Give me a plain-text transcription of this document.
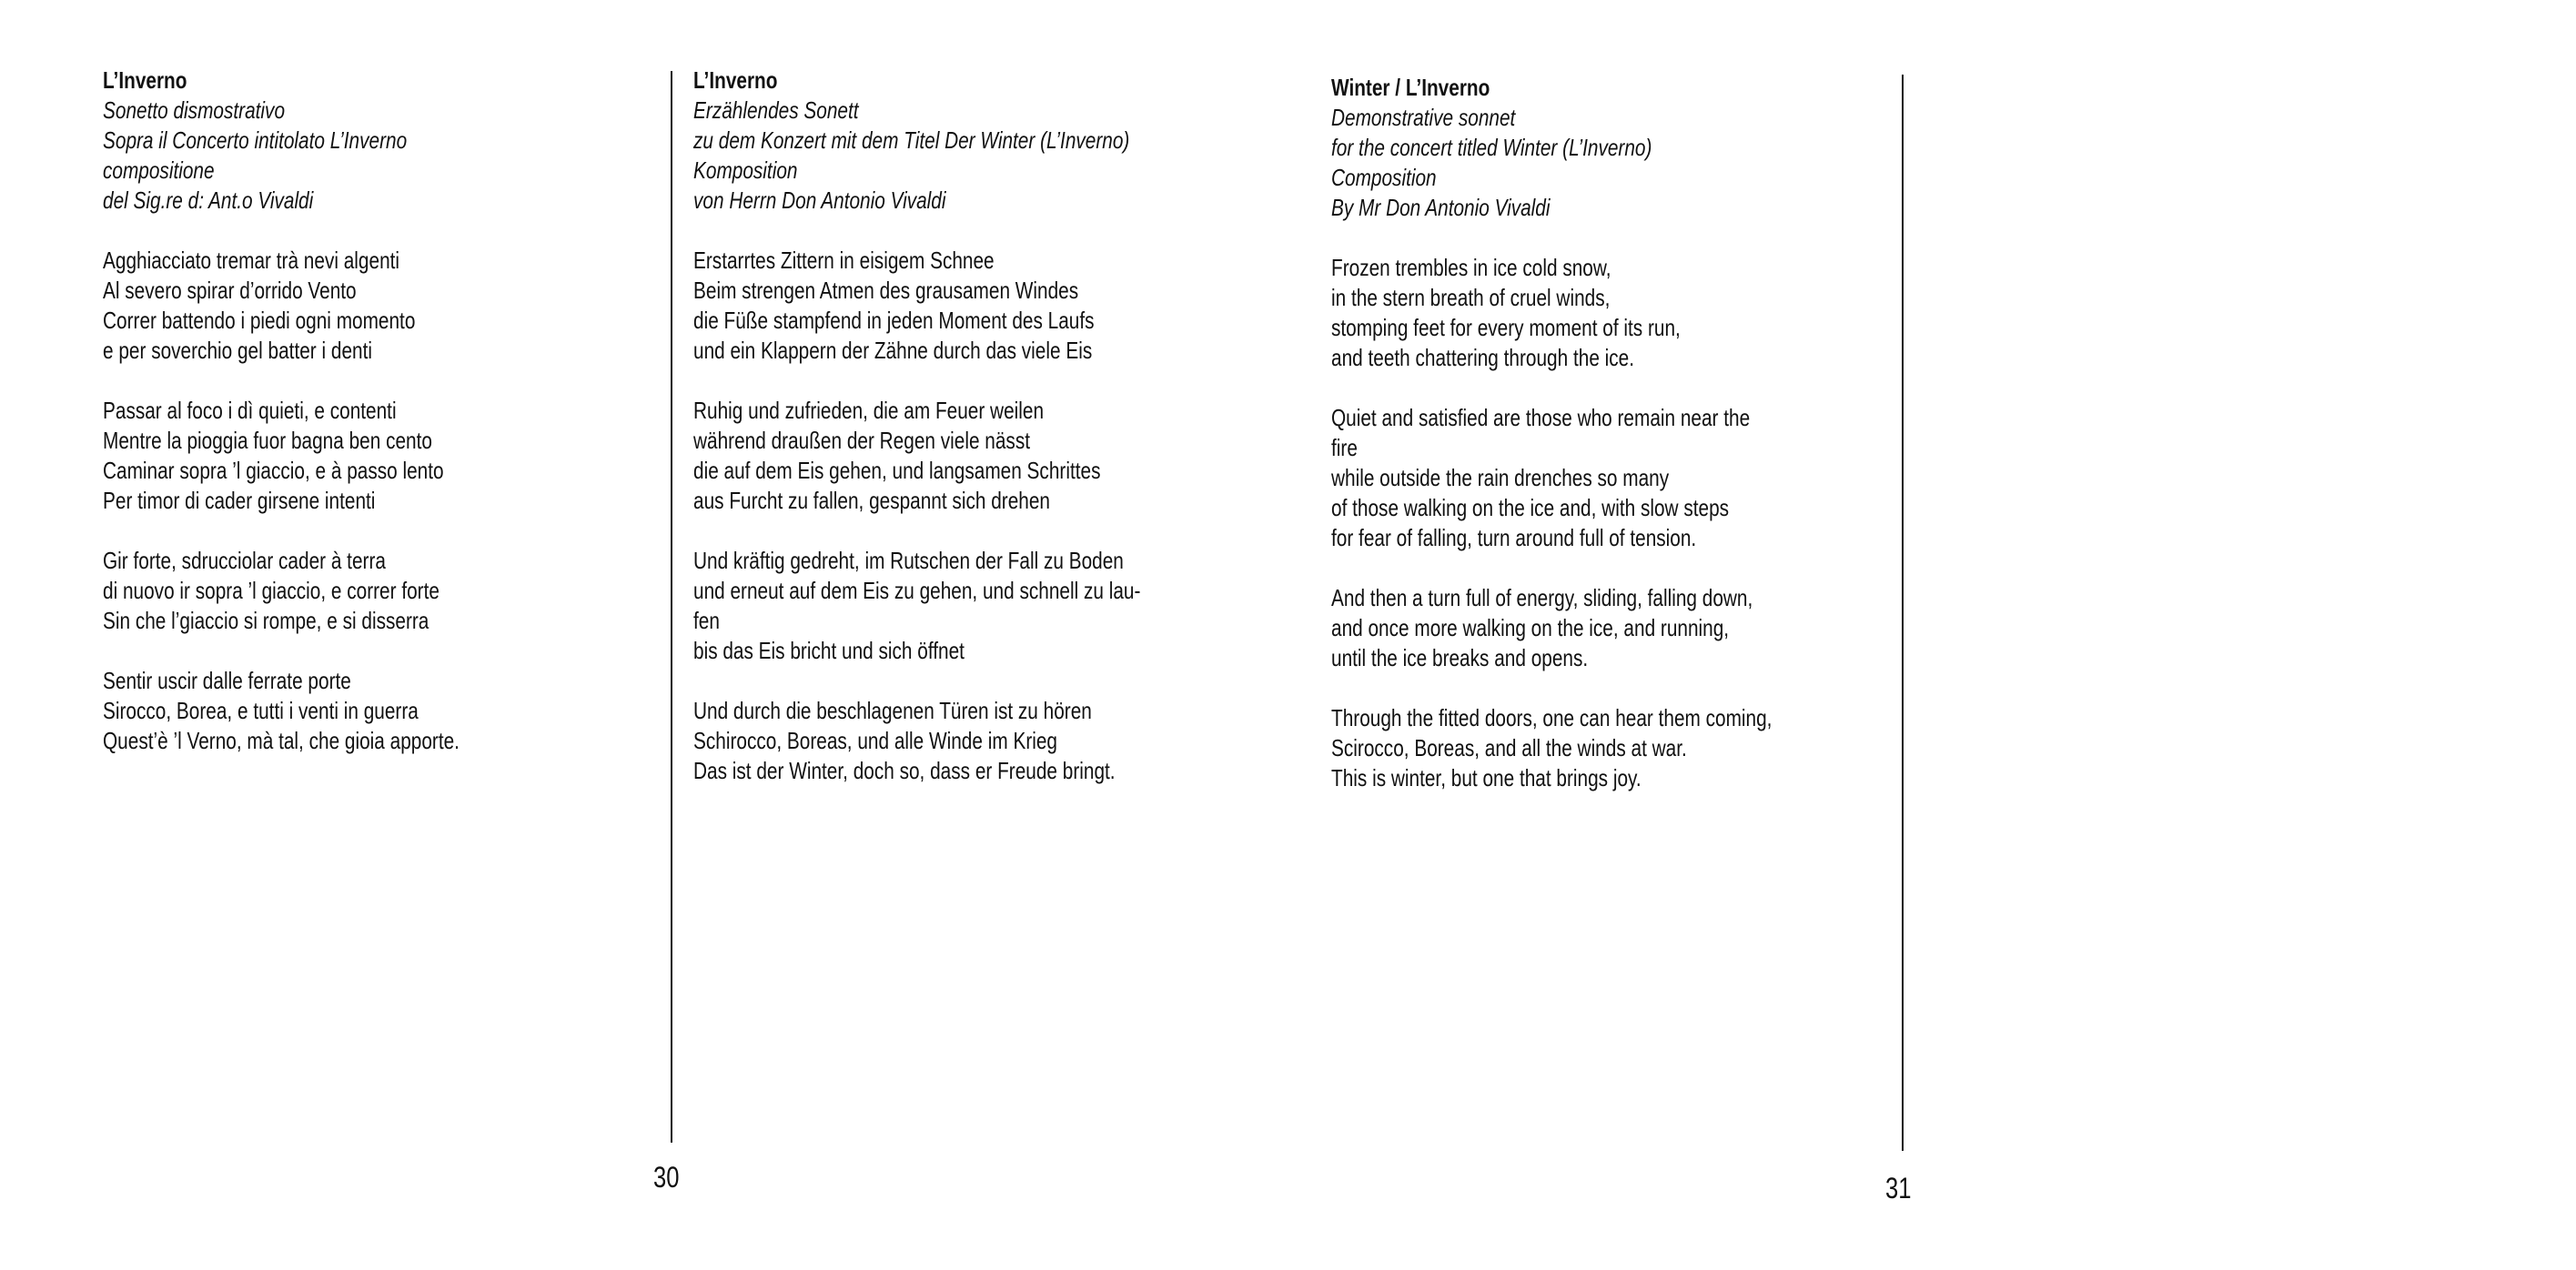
L’Inverno
Sonetto dismostrativo
Sopra il Concerto intitolato L’Inverno
compositione
del Sig.re d: Ant.o Vivaldi
Agghiacciato tremar trà nevi algenti
Al severo spirar d’orrido Vento
Correr battendo i piedi ogni momento
e per soverchio gel batter i denti
Passar al foco i dì quieti, e contenti
Mentre la pioggia fuor bagna ben cento
Caminar sopra ’l giaccio, e à passo lento
Per timor di cader girsene intenti
Gir forte, sdrucciolar cader à terra
di nuovo ir sopra ’l giaccio, e correr forte
Sin che l’giaccio si rompe, e si disserra
Sentir uscir dalle ferrate porte
Sirocco, Borea, e tutti i venti in guerra
Quest’è ’l Verno, mà tal, che gioia apporte.
L’Inverno
Erzählendes Sonett
zu dem Konzert mit dem Titel Der Winter (L’Inverno)
Komposition
von Herrn Don Antonio Vivaldi
Erstarrtes Zittern in eisigem Schnee
Beim strengen Atmen des grausamen Windes
die Füße stampfend in jeden Moment des Laufs
und ein Klappern der Zähne durch das viele Eis
Ruhig und zufrieden, die am Feuer weilen
während draußen der Regen viele nässt
die auf dem Eis gehen, und langsamen Schrittes
aus Furcht zu fallen, gespannt sich drehen
Und kräftig gedreht, im Rutschen der Fall zu Boden
und erneut auf dem Eis zu gehen, und schnell zu lau-
fen
bis das Eis bricht und sich öffnet
Und durch die beschlagenen Türen ist zu hören
Schirocco, Boreas, und alle Winde im Krieg
Das ist der Winter, doch so, dass er Freude bringt.
Winter / L’Inverno
Demonstrative sonnet
for the concert titled Winter (L’Inverno)
Composition
By Mr Don Antonio Vivaldi
Frozen trembles in ice cold snow,
in the stern breath of cruel winds,
stomping feet for every moment of its run,
and teeth chattering through the ice.
Quiet and satisfied are those who remain near the
fire
while outside the rain drenches so many
of those walking on the ice and, with slow steps
for fear of falling, turn around full of tension.
And then a turn full of energy, sliding, falling down,
and once more walking on the ice, and running,
until the ice breaks and opens.
Through the fitted doors, one can hear them coming,
Scirocco, Boreas, and all the winds at war.
This is winter, but one that brings joy.
30	31
